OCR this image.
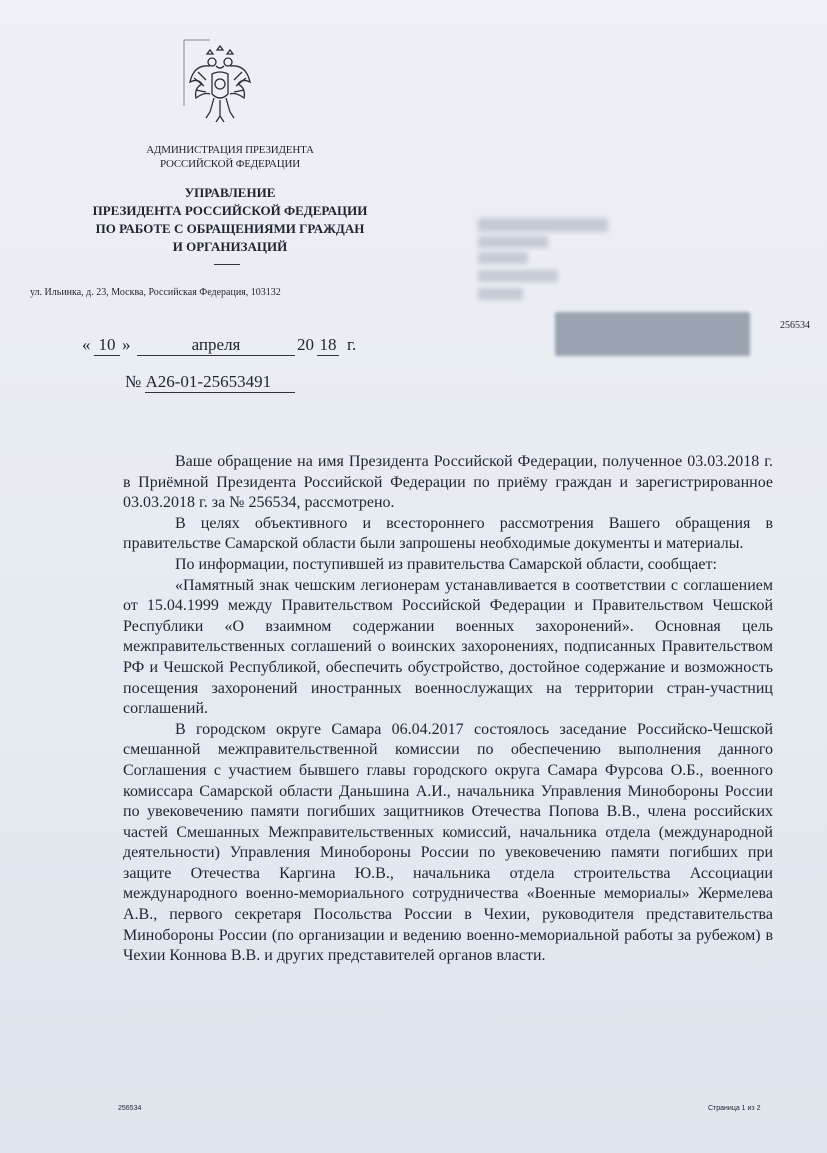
АДМИНИСТРАЦИЯ ПРЕЗИДЕНТА
РОССИЙСКОЙ ФЕДЕРАЦИИ
УПРАВЛЕНИЕ
ПРЕЗИДЕНТА РОССИЙСКОЙ ФЕДЕРАЦИИ
ПО РАБОТЕ С ОБРАЩЕНИЯМИ ГРАЖДАН
И ОРГАНИЗАЦИЙ
ул. Ильинка, д. 23, Москва, Российская Федерация, 103132
256534
« 10 »	апреля	20 18 г.
№ А26-01-25653491

Ваше обращение на имя Президента Российской Федерации, полученное 03.03.2018 г. в Приёмной Президента Российской Федерации по приёму граждан и зарегистрированное 03.03.2018 г. за № 256534, рассмотрено.

В целях объективного и всестороннего рассмотрения Вашего обращения в правительстве Самарской области были запрошены необходимые документы и материалы.

По информации, поступившей из правительства Самарской области, сообщает:

«Памятный знак чешским легионерам устанавливается в соответствии с соглашением от 15.04.1999 между Правительством Российской Федерации и Правительством Чешской Республики «О взаимном содержании военных захоронений». Основная цель межправительственных соглашений о воинских захоронениях, подписанных Правительством РФ и Чешской Республикой, обеспечить обустройство, достойное содержание и возможность посещения захоронений иностранных военнослужащих на территории стран-участниц соглашений.

В городском округе Самара 06.04.2017 состоялось заседание Российско-Чешской смешанной межправительственной комиссии по обеспечению выполнения данного Соглашения с участием бывшего главы городского округа Самара Фурсова О.Б., военного комиссара Самарской области Даньшина А.И., начальника Управления Минобороны России по увековечению памяти погибших защитников Отечества Попова В.В., члена российских частей Смешанных Межправительственных комиссий, начальника отдела (международной деятельности) Управления Минобороны России по увековечению памяти погибших при защите Отечества Каргина Ю.В., начальника отдела строительства Ассоциации международного военно-мемориального сотрудничества «Военные мемориалы» Жермелева А.В., первого секретаря Посольства России в Чехии, руководителя представительства Минобороны России (по организации и ведению военно-мемориальной работы за рубежом) в Чехии Коннова В.В. и других представителей органов власти.

256534	Страница 1 из 2
